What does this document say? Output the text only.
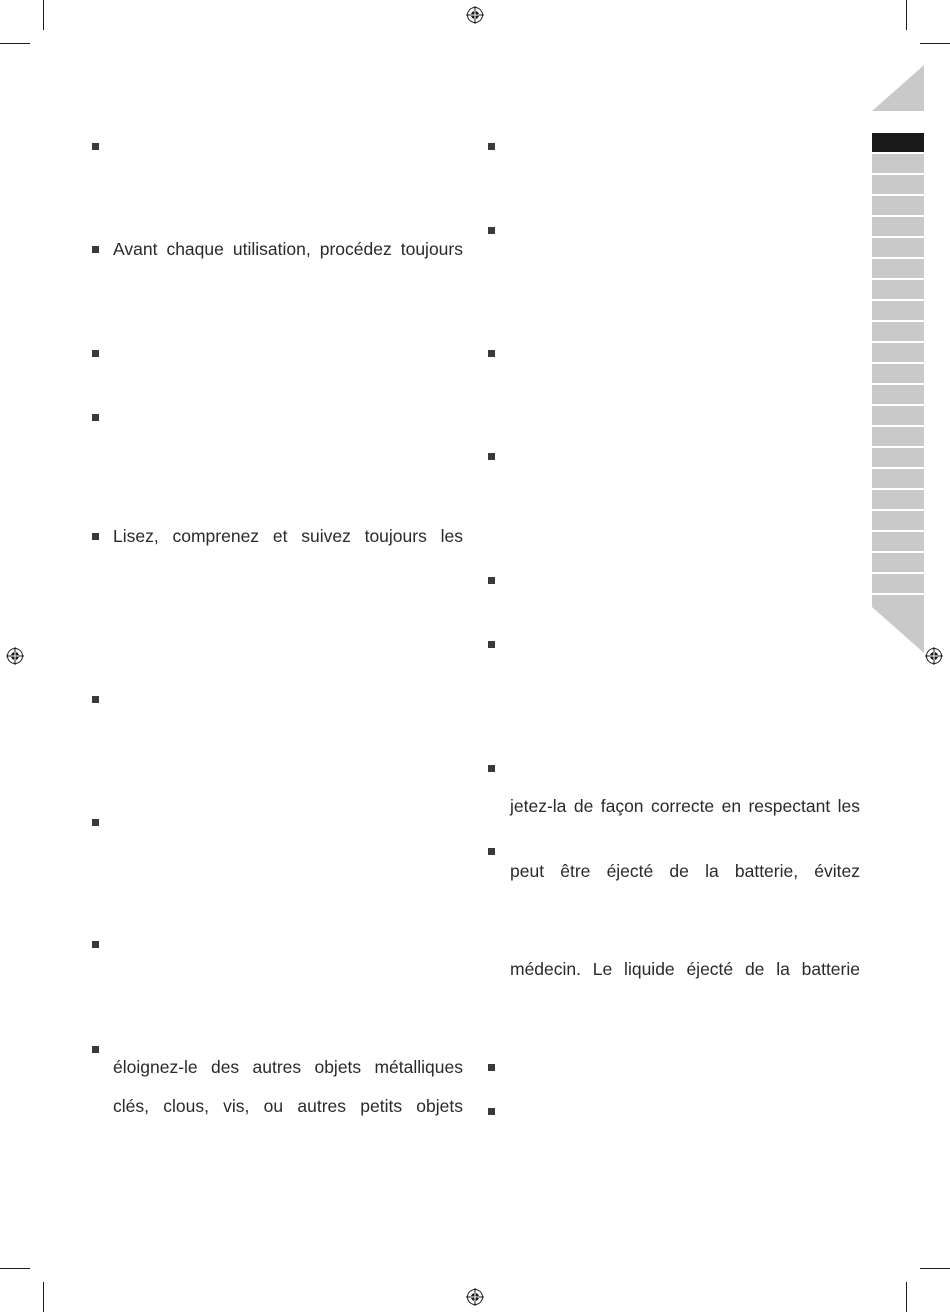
Avant chaque utilisation, procédez toujours
Lisez, comprenez et suivez toujours les
éloignez-le des autres objets métalliques
clés, clous, vis, ou autres petits objets
jetez-la de façon correcte en respectant les
peut être éjecté de la batterie, évitez
médecin. Le liquide éjecté de la batterie
